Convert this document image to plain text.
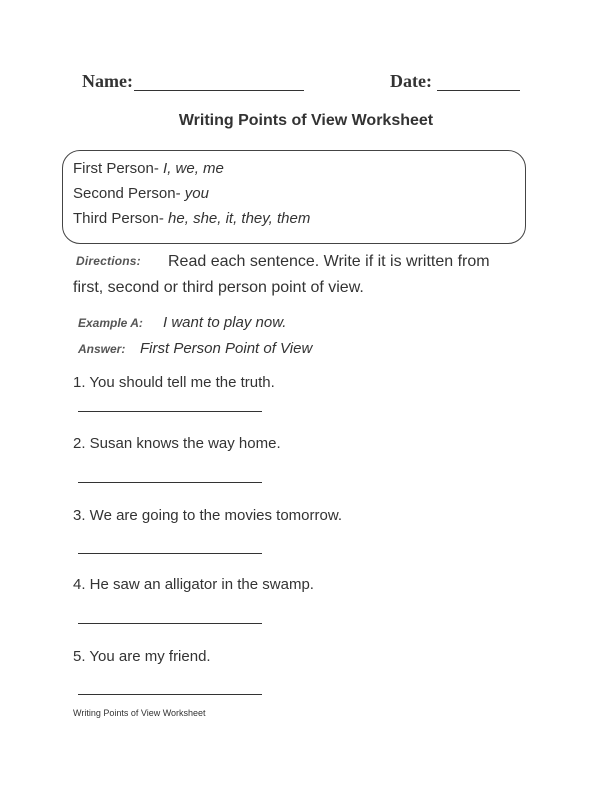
Name:	Date:
Writing Points of View Worksheet
First Person- I, we, me
Second Person- you
Third Person- he, she, it, they, them
Directions: Read each sentence. Write if it is written from
first, second or third person point of view.
Example A: I want to play now.
Answer: First Person Point of View
1. You should tell me the truth.
2. Susan knows the way home.
3. We are going to the movies tomorrow.
4. He saw an alligator in the swamp.
5. You are my friend.
Writing Points of View Worksheet
